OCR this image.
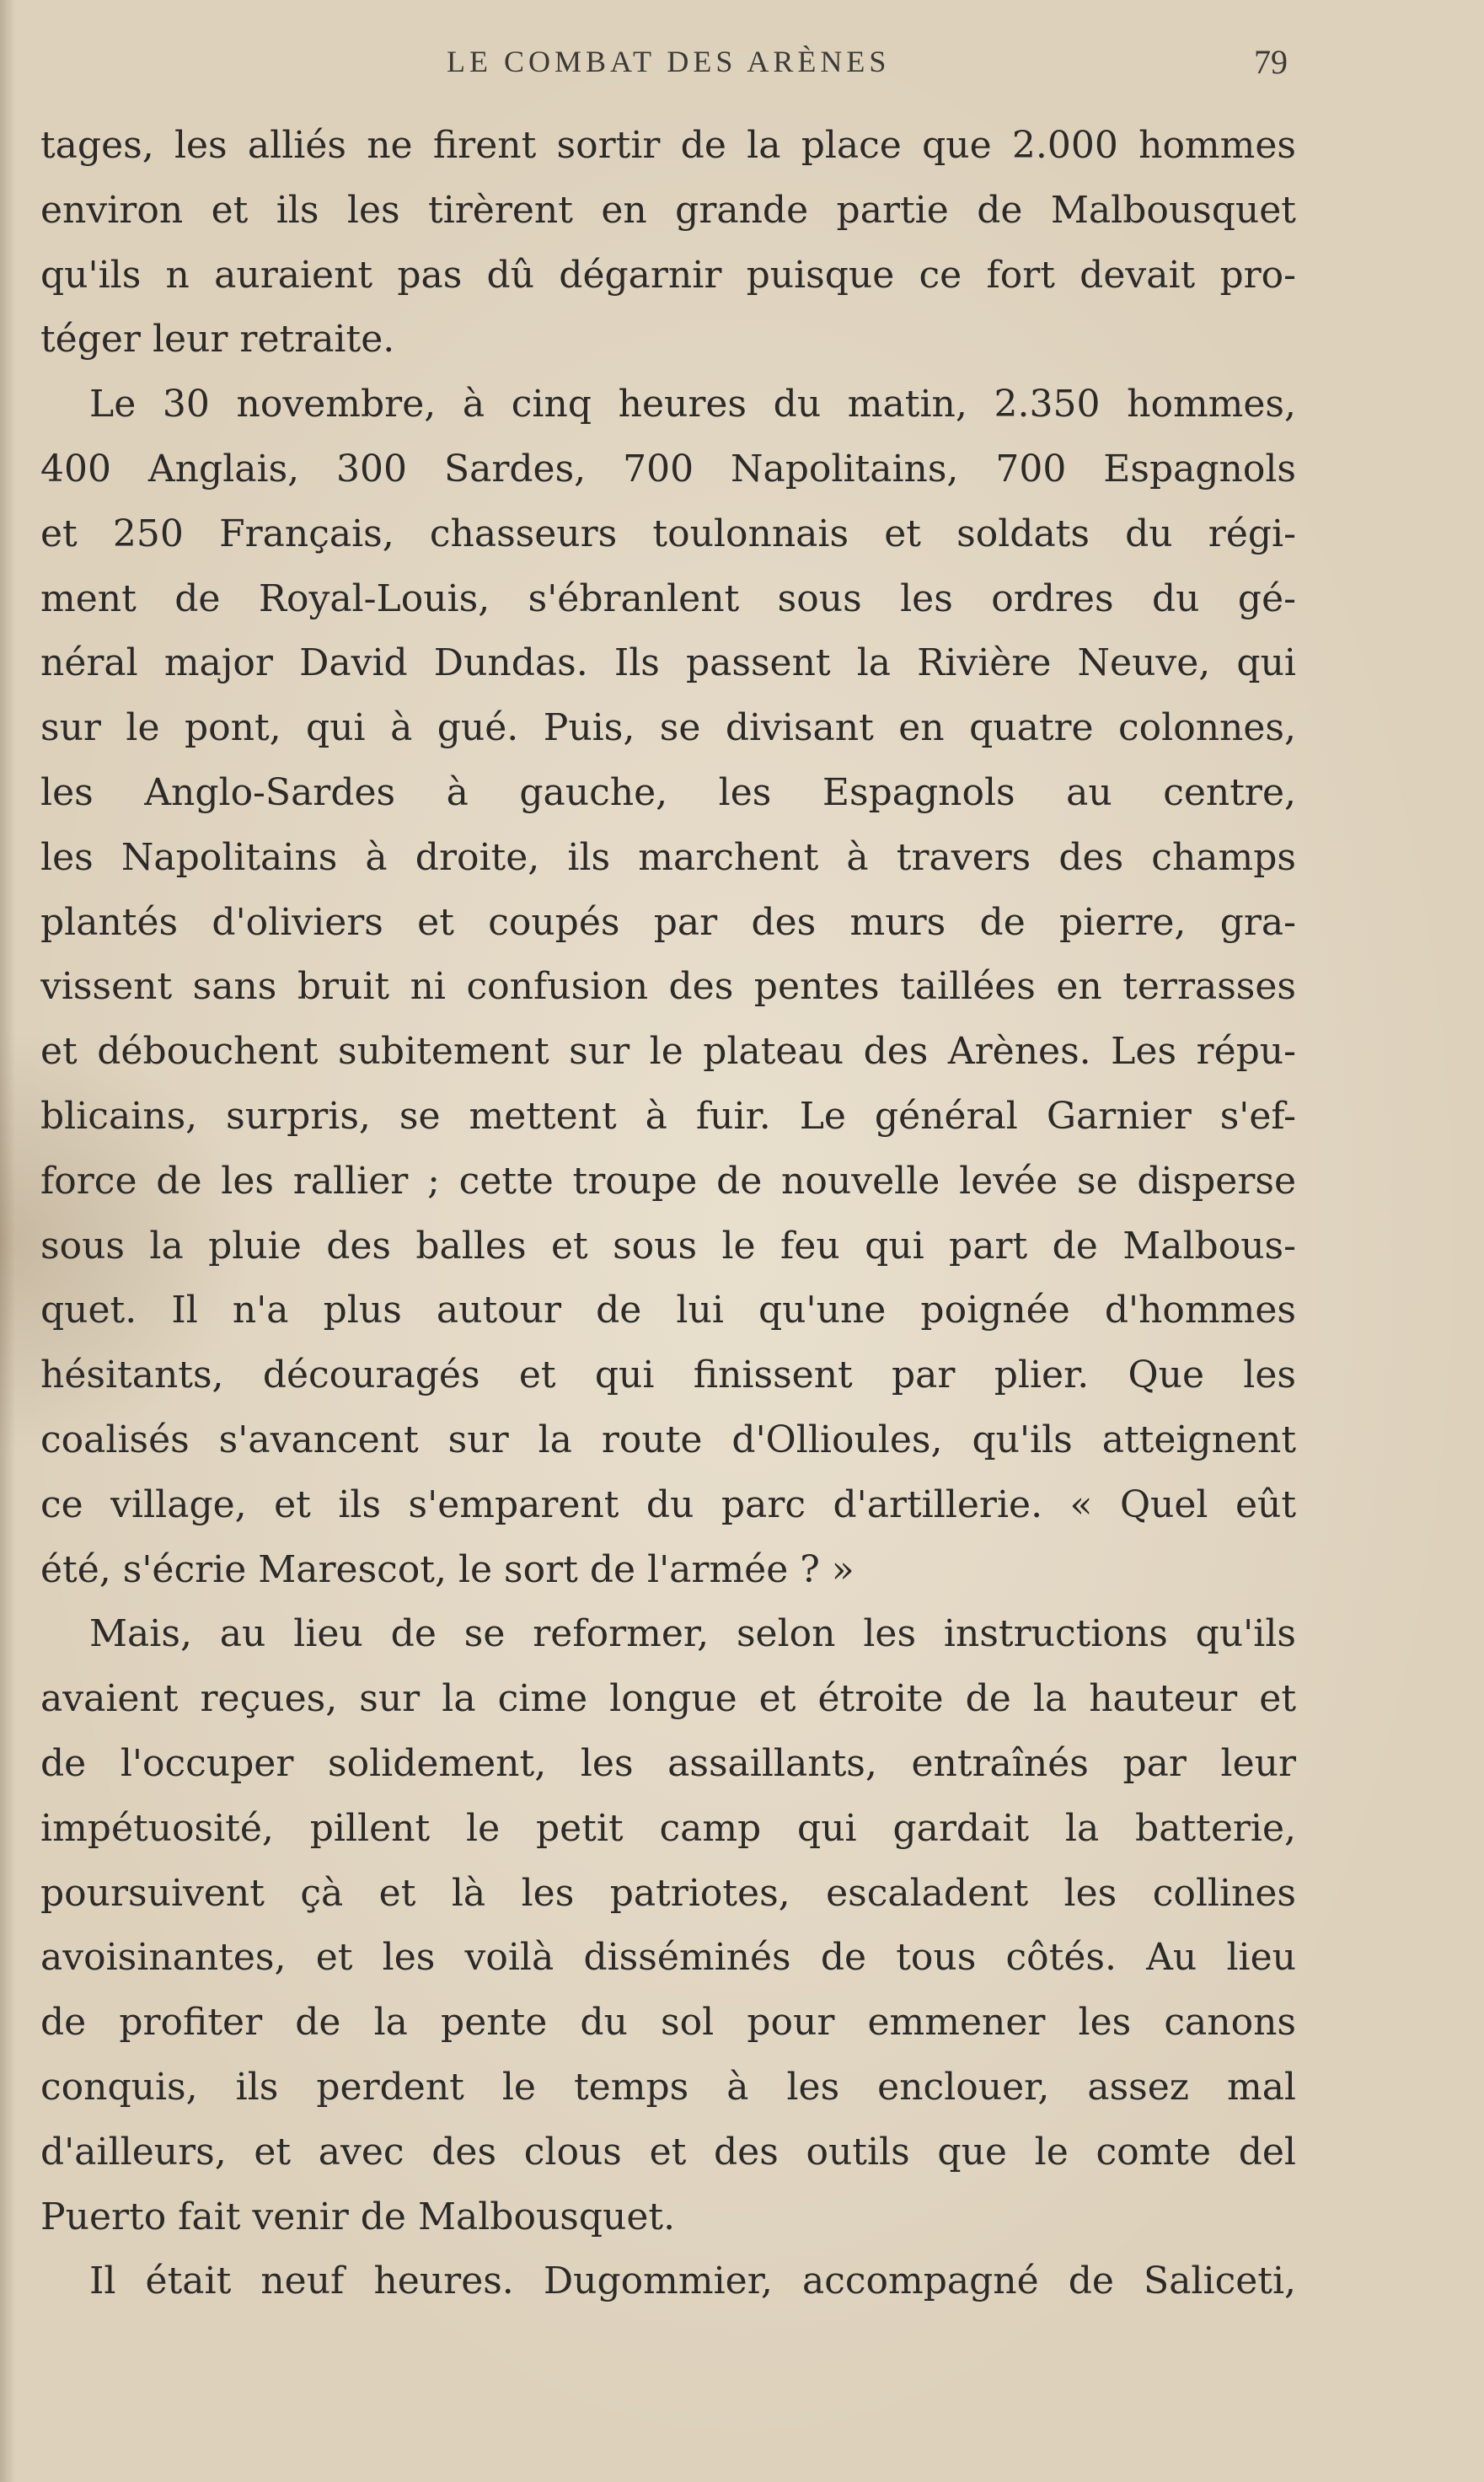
LE COMBAT DES ARÈNES	79
tages, les alliés ne firent sortir de la place que 2.000 hommes
environ et ils les tirèrent en grande partie de Malbousquet
qu'ils n auraient pas dû dégarnir puisque ce fort devait pro-
téger leur retraite.
Le 30 novembre, à cinq heures du matin, 2.350 hommes,
400 Anglais, 300 Sardes, 700 Napolitains, 700 Espagnols
et 250 Français, chasseurs toulonnais et soldats du régi-
ment de Royal-Louis, s'ébranlent sous les ordres du gé-
néral major David Dundas. Ils passent la Rivière Neuve, qui
sur le pont, qui à gué. Puis, se divisant en quatre colonnes,
les Anglo-Sardes à gauche, les Espagnols au centre,
les Napolitains à droite, ils marchent à travers des champs
plantés d'oliviers et coupés par des murs de pierre, gra-
vissent sans bruit ni confusion des pentes taillées en terrasses
et débouchent subitement sur le plateau des Arènes. Les répu-
blicains, surpris, se mettent à fuir. Le général Garnier s'ef-
force de les rallier ; cette troupe de nouvelle levée se disperse
sous la pluie des balles et sous le feu qui part de Malbous-
quet. Il n'a plus autour de lui qu'une poignée d'hommes
hésitants, découragés et qui finissent par plier. Que les
coalisés s'avancent sur la route d'Ollioules, qu'ils atteignent
ce village, et ils s'emparent du parc d'artillerie. « Quel eût
été, s'écrie Marescot, le sort de l'armée ? »
Mais, au lieu de se reformer, selon les instructions qu'ils
avaient reçues, sur la cime longue et étroite de la hauteur et
de l'occuper solidement, les assaillants, entraînés par leur
impétuosité, pillent le petit camp qui gardait la batterie,
poursuivent çà et là les patriotes, escaladent les collines
avoisinantes, et les voilà disséminés de tous côtés. Au lieu
de profiter de la pente du sol pour emmener les canons
conquis, ils perdent le temps à les enclouer, assez mal
d'ailleurs, et avec des clous et des outils que le comte del
Puerto fait venir de Malbousquet.
Il était neuf heures. Dugommier, accompagné de Saliceti,
